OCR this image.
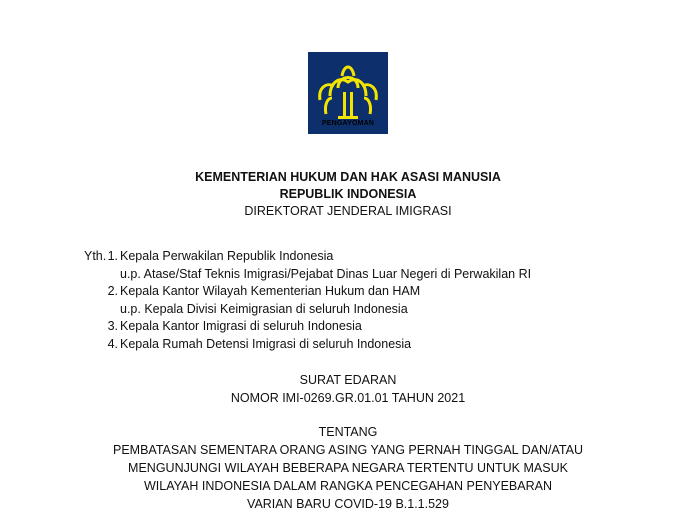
PENGAYOMAN
KEMENTERIAN HUKUM DAN HAK ASASI MANUSIA
REPUBLIK INDONESIA
DIREKTORAT JENDERAL IMIGRASI
Yth. 1. Kepala Perwakilan Republik Indonesia
u.p. Atase/Staf Teknis Imigrasi/Pejabat Dinas Luar Negeri di Perwakilan RI
2. Kepala Kantor Wilayah Kementerian Hukum dan HAM
u.p. Kepala Divisi Keimigrasian di seluruh Indonesia
3. Kepala Kantor Imigrasi di seluruh Indonesia
4. Kepala Rumah Detensi Imigrasi di seluruh Indonesia
SURAT EDARAN
NOMOR IMI-0269.GR.01.01 TAHUN 2021
TENTANG
PEMBATASAN SEMENTARA ORANG ASING YANG PERNAH TINGGAL DAN/ATAU
MENGUNJUNGI WILAYAH BEBERAPA NEGARA TERTENTU UNTUK MASUK
WILAYAH INDONESIA DALAM RANGKA PENCEGAHAN PENYEBARAN
VARIAN BARU COVID-19 B.1.1.529
